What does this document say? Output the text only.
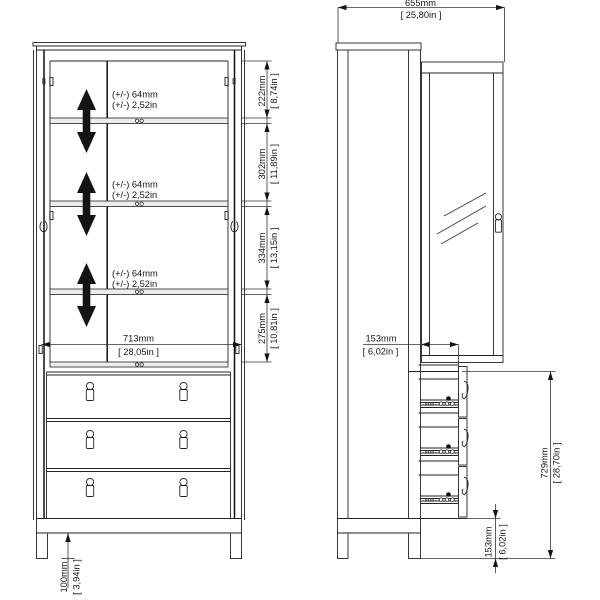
(+/-) 64mm
(+/-) 2,52in
(+/-) 64mm
(+/-) 2,52in
(+/-) 64mm
(+/-) 2,52in
222mm [ 8,74in ]
302mm [ 11,89in ]
334mm [ 13,15in ]
275mm [ 10,81in ]
713mm
[ 28,05in ]
100mm [ 3,94in ]
655mm
[ 25,80in ]
153mm
[ 6,02in ]
729mm [ 28,70in ]
153mm [ 6,02in ]
